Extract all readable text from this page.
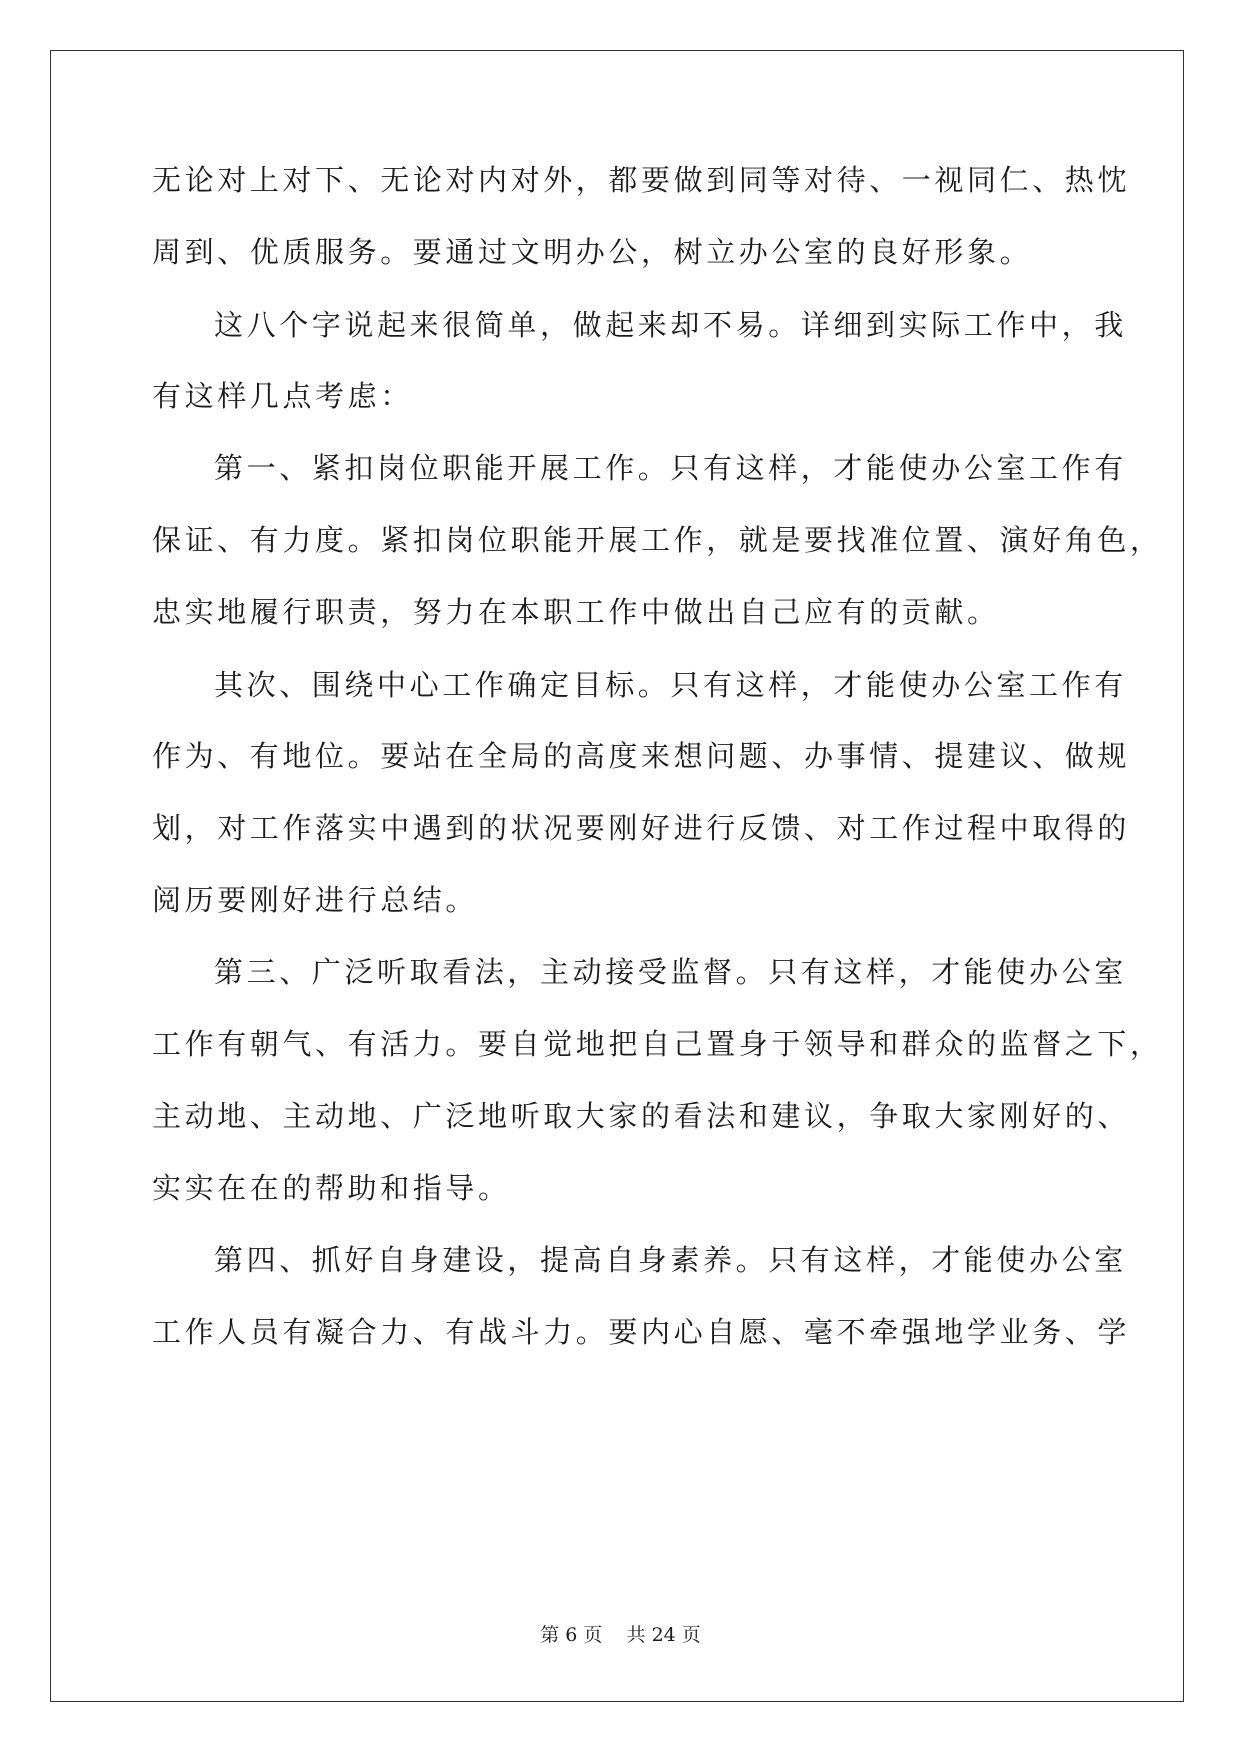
无论对上对下、无论对内对外，都要做到同等对待、一视同仁、热忱
周到、优质服务。要通过文明办公，树立办公室的良好形象。
这八个字说起来很简单，做起来却不易。详细到实际工作中，我
有这样几点考虑：
第一、紧扣岗位职能开展工作。只有这样，才能使办公室工作有
保证、有力度。紧扣岗位职能开展工作，就是要找准位置、演好角色，
忠实地履行职责，努力在本职工作中做出自己应有的贡献。
其次、围绕中心工作确定目标。只有这样，才能使办公室工作有
作为、有地位。要站在全局的高度来想问题、办事情、提建议、做规
划，对工作落实中遇到的状况要刚好进行反馈、对工作过程中取得的
阅历要刚好进行总结。
第三、广泛听取看法，主动接受监督。只有这样，才能使办公室
工作有朝气、有活力。要自觉地把自己置身于领导和群众的监督之下，
主动地、主动地、广泛地听取大家的看法和建议，争取大家刚好的、
实实在在的帮助和指导。
第四、抓好自身建设，提高自身素养。只有这样，才能使办公室
工作人员有凝合力、有战斗力。要内心自愿、毫不牵强地学业务、学
第 6 页    共 24 页
